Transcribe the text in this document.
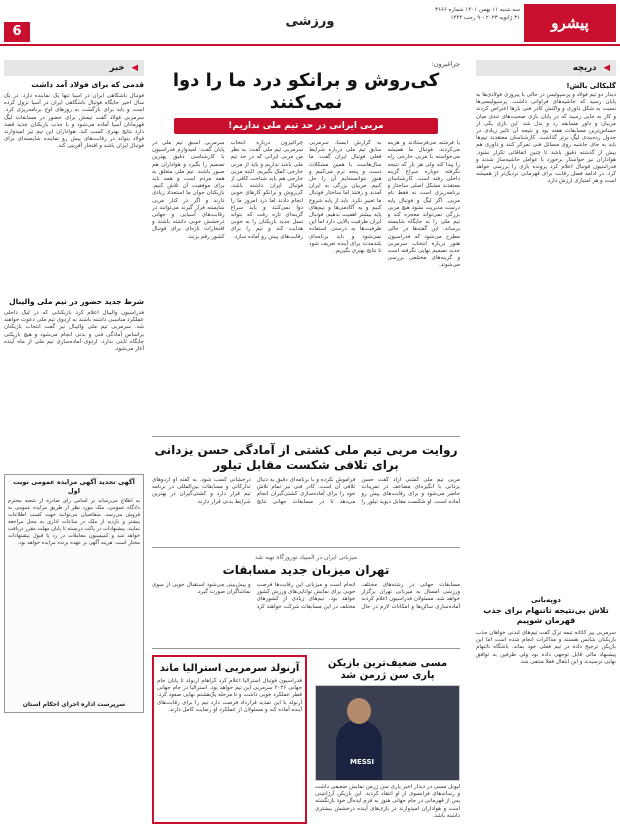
6
ورزشی	پیشرو
سه شنبه ۱۱ بهمن ۱۴۰۱ شماره ۳۶۶۶
۳۱ ژانویه ۲۰۲۳ - ۹ رجب ۱۴۴۴
◀ دریچه
گلبکالی بالش!
دیدار دو تیم فولاد و پرسپولیس در حالی با پیروزی فولادی‌ها به پایان رسید که حاشیه‌های فراوانی داشت. پرسپولیسی‌ها نسبت به شکل داوری و واکنش کادر فنی بارها اعتراض کردند و کار به جایی رسید که در پایان بازی صحبت‌های تندی میان مربیان و داور مسابقه رد و بدل شد. این بازی یکی از حساس‌ترین مسابقات هفته بود و نتیجه آن تاثیر زیادی در جدول رده‌بندی لیگ برتر گذاشت. کارشناسان معتقدند تیم‌ها باید به جای حاشیه روی مسائل فنی تمرکز کنند و داوری هم بیش از گذشته دقیق باشد تا چنین اتفاقاتی تکرار نشود. هواداران نیز خواستار برخورد با عوامل حاشیه‌ساز شدند و فدراسیون فوتبال اعلام کرد پرونده بازی را بررسی خواهد کرد. در ادامه فصل رقابت برای قهرمانی نزدیک‌تر از همیشه است و هر امتیازی ارزش دارد.
دوپه‌بانی
تلاش بی‌نتیجه تاتنهام برای جذب قهرمان شوپیم
سرمربی پیر کاتانه تیمه ترگ گفت تیم‌های لندنی خواهان جذب بازیکنان شانس هستند و مذاکرات انجام شده است اما این بازیکن ترجیح داده در تیم فعلی خود بماند. باشگاه تاتنهام پیشنهاد مالی قابل توجهی داده بود ولی طرفین به توافق نهایی نرسیدند و این انتقال فعلا منتفی شد.
چراغیرون:
کی‌روش و برانکو درد ما را دوا نمی‌کنند
مربی ایرانی در حد تیم ملی نداریم!
یا فرشته می‌فرستادند و هزینه می‌کردند. فوتبال ما همیشه می‌خواسته با مربی خارجی راه را پیدا کند ولی هر بار که نتیجه نگرفته دوباره سراغ گزینه داخلی رفته است. کارشناسان معتقدند مشکل اصلی ساختار و برنامه‌ریزی است نه فقط نام مربی. اگر لیگ و فوتبال پایه درست مدیریت نشود هیچ مربی بزرگی نمی‌تواند معجزه کند و تیم ملی را به جایگاه شایسته برساند. این گفته‌ها در حالی مطرح می‌شود که فدراسیون هنوز درباره انتخاب سرمربی جدید تصمیم نهایی نگرفته است و گزینه‌های مختلفی بررسی می‌شوند.
به گزارش ایسنا، سرمربی سابق تیم ملی درباره شرایط فعلی فوتبال ایران گفت: ما سال‌هاست با همین مشکلات دست و پنجه نرم می‌کنیم و هنوز نتوانسته‌ایم آن را حل کنیم. مربیان بزرگی به ایران آمدند و رفتند اما ساختار فوتبال ما تغییر نکرد. باید از پایه شروع کنیم و به آکادمی‌ها و تیم‌های پایه بیشتر اهمیت بدهیم. فوتبال ایران ظرفیت بالایی دارد اما این ظرفیت‌ها به درستی استفاده نمی‌شود و باید برنامه‌ای بلندمدت برای آینده تعریف شود تا نتایج بهتری بگیریم.
چراغیرون درباره انتخاب سرمربی تیم ملی گفت: به نظر من مربی ایرانی که در حد تیم ملی باشد نداریم و باید از مربی خارجی کمک بگیریم. البته مربی خارجی هم باید شناخت کافی از فوتبال ایران داشته باشد. کی‌روش و برانکو کارهای خوبی انجام دادند اما درد امروز ما را دوا نمی‌کنند و باید سراغ گزینه‌ای تازه رفت که بتواند نسل جدید بازیکنان را به خوبی هدایت کند و تیم را برای رقابت‌های پیش رو آماده سازد.
سرمربی اسبق تیم ملی در پایان گفت: امیدوارم فدراسیون با کارشناسی دقیق بهترین تصمیم را بگیرد و هواداران هم صبور باشند. تیم ملی متعلق به همه مردم است و همه باید برای موفقیت آن تلاش کنیم. بازیکنان جوان ما استعداد زیادی دارند و اگر در کنار مربی شایسته قرار گیرند می‌توانند در رقابت‌های آسیایی و جهانی درخشش خوبی داشته باشند و افتخارات تازه‌ای برای فوتبال کشور رقم بزنند.
روایت مربی تیم ملی کشتی از آمادگی حسن یزدانی برای تلافی شکست مقابل تیلور
مربی تیم ملی کشتی آزاد گفت حسن یزدانی با انگیزه‌ای مضاعف در تمرینات حاضر می‌شود و برای رقابت‌های پیش رو آماده است. او شکست مقابل دیوید تیلور را فراموش نکرده و با برنامه‌ای دقیق به دنبال تلافی آن است. کادر فنی نیز تمام تلاش خود را برای آماده‌سازی کشتی‌گیران انجام می‌دهد تا در مسابقات جهانی نتایج درخشانی کسب شود. به گفته او اردوهای تدارکاتی و مسابقات بین‌المللی در برنامه تیم قرار دارد و کشتی‌گیران در بهترین شرایط بدنی قرار دارند.
میزبانی ایران در المپیاد نوروزگاه تهیه شد
تهران میزبان جدید مسابقات
مسابقات جهانی در رشته‌های مختلف ورزشی امسال به میزبانی تهران برگزار خواهد شد. مسئولان فدراسیون اعلام کردند آماده‌سازی سالن‌ها و امکانات لازم در حال انجام است و میزبانی این رقابت‌ها فرصت خوبی برای نمایش توانایی‌های ورزش کشور خواهد بود. تیم‌های زیادی از کشورهای مختلف در این مسابقات شرکت خواهند کرد و پیش‌بینی می‌شود استقبال خوبی از سوی تماشاگران صورت گیرد.
مسی ضعیف‌ترین بازیکن پاری سن ژرمن شد
MESSI
لیونل مسی در دیدار اخیر پاری سن ژرمن نمایش ضعیفی داشت و رسانه‌های فرانسوی از او انتقاد کردند. این بازیکن آرژانتینی پس از قهرمانی در جام جهانی هنوز به فرم ایده‌آل خود بازنگشته است و هواداران امیدوارند در بازی‌های آینده درخشش بیشتری داشته باشد.
آرنولد سرمربی استرالیا ماند
فدراسیون فوتبال استرالیا اعلام کرد گراهام آرنولد تا پایان جام جهانی ۲۰۲۶ سرمربی این تیم خواهد بود. استرالیا در جام جهانی قطر عملکرد خوبی داشت و تا مرحله یک‌هشتم نهایی صعود کرد. آرنولد با این تمدید قرارداد فرصت دارد تیم را برای رقابت‌های آینده آماده کند و مسئولان از عملکرد او رضایت کامل دارند.
◀ خبر
قدمی که برای فولاد آمد داشت
فوتبال باشگاهی ایران در آسیا تنها یک نماینده دارد. در یک سال اخیر جایگاه فوتبال باشگاهی ایران در آسیا نزول کرده است و باید برای بازگشت به روزهای اوج برنامه‌ریزی کرد. سرمربی فولاد گفت تیمش برای حضور در مسابقات لیگ قهرمانان آسیا آماده می‌شود و با جذب بازیکنان جدید قصد دارد نتایج بهتری کسب کند. هواداران این تیم نیز امیدوارند فولاد بتواند در رقابت‌های پیش رو نماینده شایسته‌ای برای فوتبال ایران باشد و افتخار آفرینی کند.
شرط جدید حضور در تیم ملی والیبال
فدراسیون والیبال اعلام کرد بازیکنانی که در لیگ داخلی عملکرد مناسبی داشته باشند به اردوی تیم ملی دعوت خواهند شد. سرمربی تیم ملی والیبال نیز گفت انتخاب بازیکنان براساس آمادگی فنی و بدنی انجام می‌شود و هیچ بازیکنی جایگاه ثابتی ندارد. اردوی آماده‌سازی تیم ملی از ماه آینده آغاز می‌شود.
آگهی تجدید آگهی مزایده عمومی نوبت اول
به اطلاع می‌رساند بر اساس رای صادره از شعبه محترم دادگاه عمومی، ملک مورد نظر از طریق مزایده عمومی به فروش می‌رسد. متقاضیان می‌توانند جهت کسب اطلاعات بیشتر و بازدید از ملک در ساعات اداری به محل مراجعه نمایند. پیشنهادات در پاکت دربسته تا پایان مهلت مقرر دریافت خواهد شد و کمیسیون معاملات در رد یا قبول پیشنهادات مختار است. هزینه آگهی بر عهده برنده مزایده خواهد بود.
سرپرست اداره اجرای احکام استان
